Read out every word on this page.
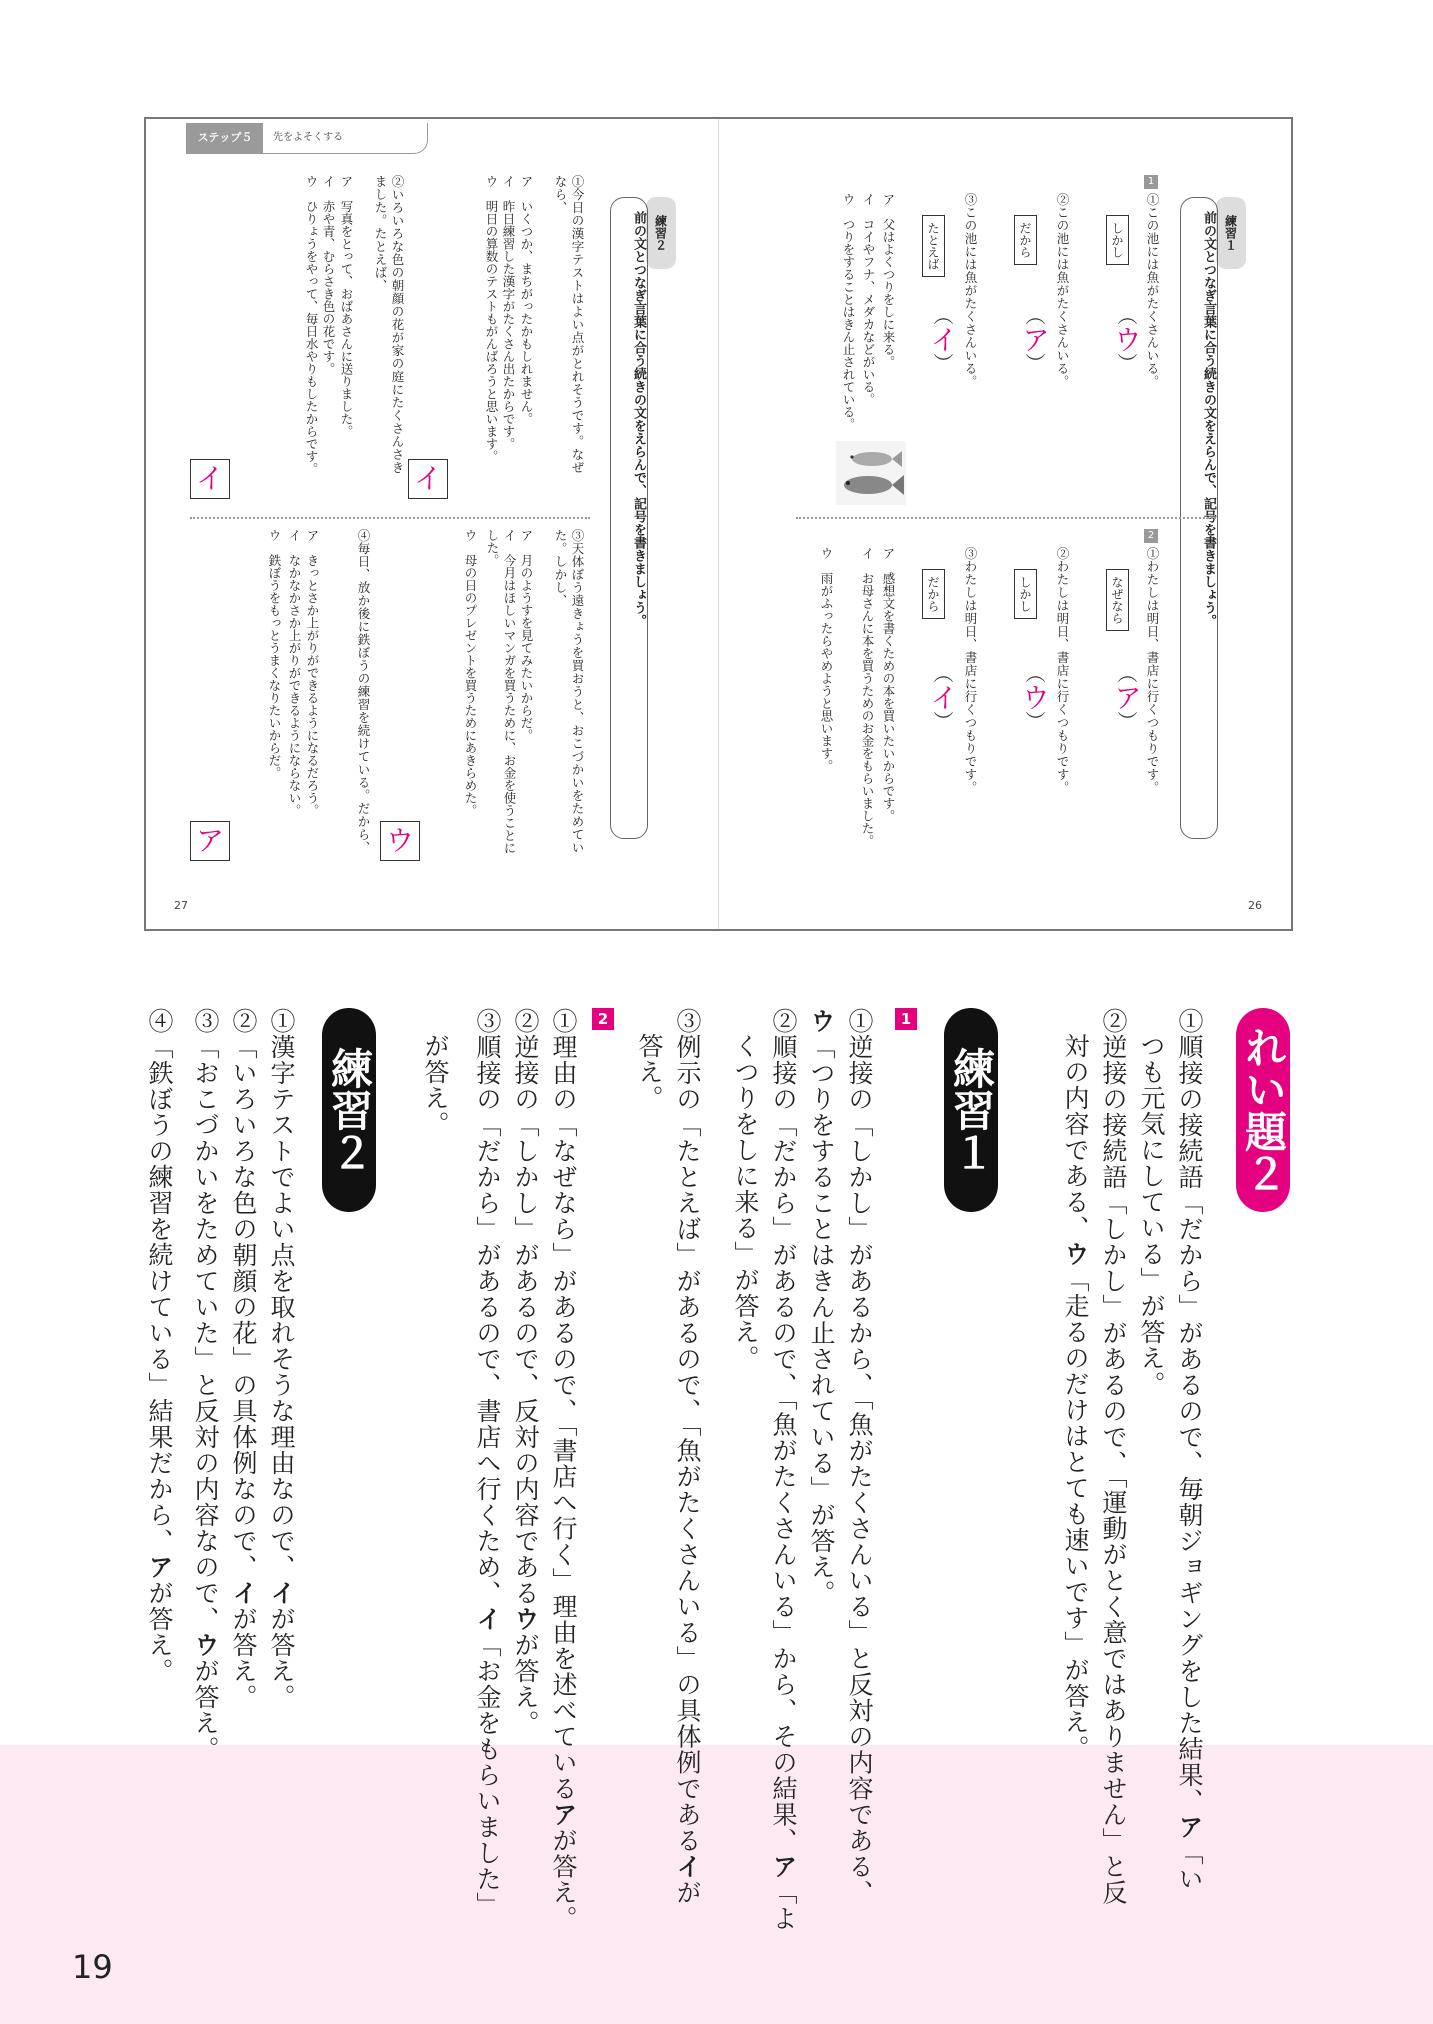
ステップ５	先をよそくする
27	26
練習１
前の文とつなぎ言葉に合う続きの文をえらんで、記号を書きましょう。
1
①この池には魚がたくさんいる。
しかし
（ウ）
②この池には魚がたくさんいる。
だから
（ア）
③この池には魚がたくさんいる。
たとえば
（イ）
ア　父はよくつりをしに来る。
イ　コイやフナ、メダカなどがいる。
ウ　つりをすることはきん止されている。
2
①わたしは明日、書店に行くつもりです。
なぜなら
（ア）
②わたしは明日、書店に行くつもりです。
しかし
（ウ）
③わたしは明日、書店に行くつもりです。
だから
（イ）
ア　感想文を書くための本を買いたいからです。
イ　お母さんに本を買うためのお金をもらいました。
ウ　雨がふったらやめようと思います。
練習２
前の文とつなぎ言葉に合う続きの文をえらんで、記号を書きましょう。
①今日の漢字テストはよい点がとれそうです。なぜなら、
ア　いくつか、まちがったかもしれません。
イ　昨日練習した漢字がたくさん出たからです。
ウ　明日の算数のテストもがんばろうと思います。
イ
②いろいろな色の朝顔の花が家の庭にたくさんさきました。たとえば、
ア　写真をとって、おばあさんに送りました。
イ　赤や青、むらさき色の花です。
ウ　ひりょうをやって、毎日水やりもしたからです。
イ
③天体ぼう遠きょうを買おうと、おこづかいをためていた。しかし、
ア　月のようすを見てみたいからだ。
イ　今月はほしいマンガを買うために、お金を使うことにした。
ウ　母の日のプレゼントを買うためにあきらめた。
ウ
④毎日、放か後に鉄ぼうの練習を続けている。だから、
ア　きっとさか上がりができるようになるだろう。
イ　なかなかさか上がりができるようにならない。
ウ　鉄ぼうをもっとうまくなりたいからだ。
ア
れい題２
①順接の接続語「だから」があるので、毎朝ジョギングをした結果、ア「い
つも元気にしている」が答え。
②逆接の接続語「しかし」があるので、「運動がとく意ではありません」と反
対の内容である、ウ「走るのだけはとても速いです」が答え。
練習１
1
①逆接の「しかし」があるから、「魚がたくさんいる」と反対の内容である、
ウ「つりをすることはきん止されている」が答え。
②順接の「だから」があるので、「魚がたくさんいる」から、その結果、ア「よ
くつりをしに来る」が答え。
③例示の「たとえば」があるので、「魚がたくさんいる」の具体例であるイが
答え。
2
①理由の「なぜなら」があるので、「書店へ行く」理由を述べているアが答え。
②逆接の「しかし」があるので、反対の内容であるウが答え。
③順接の「だから」があるので、書店へ行くため、イ「お金をもらいました」
が答え。
練習２
①漢字テストでよい点を取れそうな理由なので、イが答え。
②「いろいろな色の朝顔の花」の具体例なので、イが答え。
③「おこづかいをためていた」と反対の内容なので、ウが答え。
④「鉄ぼうの練習を続けている」結果だから、アが答え。
19
